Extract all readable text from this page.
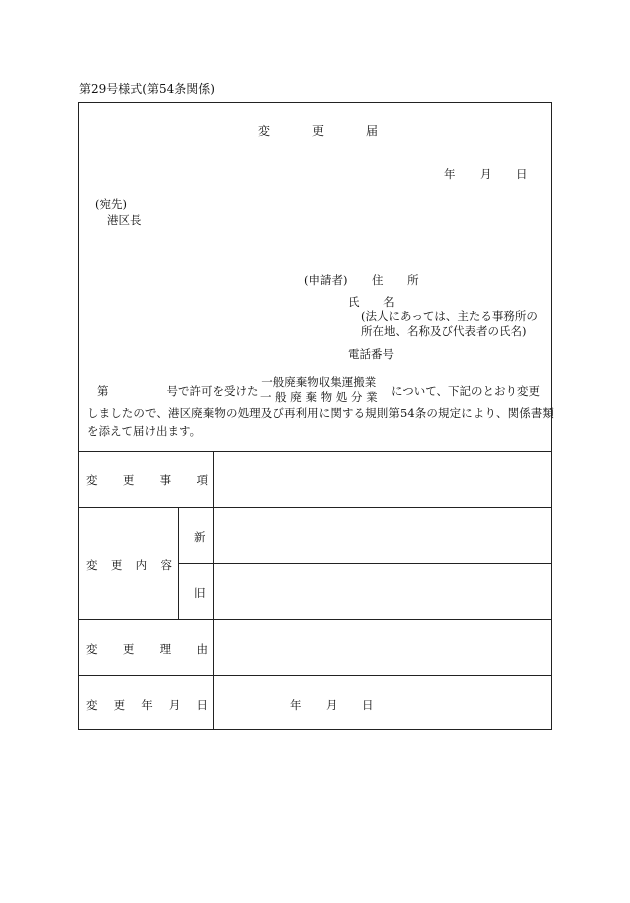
第29号様式(第54条関係)
変	更	届
年 月 日
(宛先)
港区長
(申請者) 住 所
氏 名
(法人にあっては、主たる事務所の所在地、名称及び代表者の氏名)
電話番号
第	号で許可を受けた
一般廃棄物収集運搬業
一 般 廃 棄 物 処 分 業 について、下記のとおり変更
しましたので、港区廃棄物の処理及び再利用に関する規則第54条の規定により、関係書類
を添えて届け出ます。
変 更 事 項
変 更 内 容
新
旧
変 更 理 由
変 更 年 月 日	年 月 日
